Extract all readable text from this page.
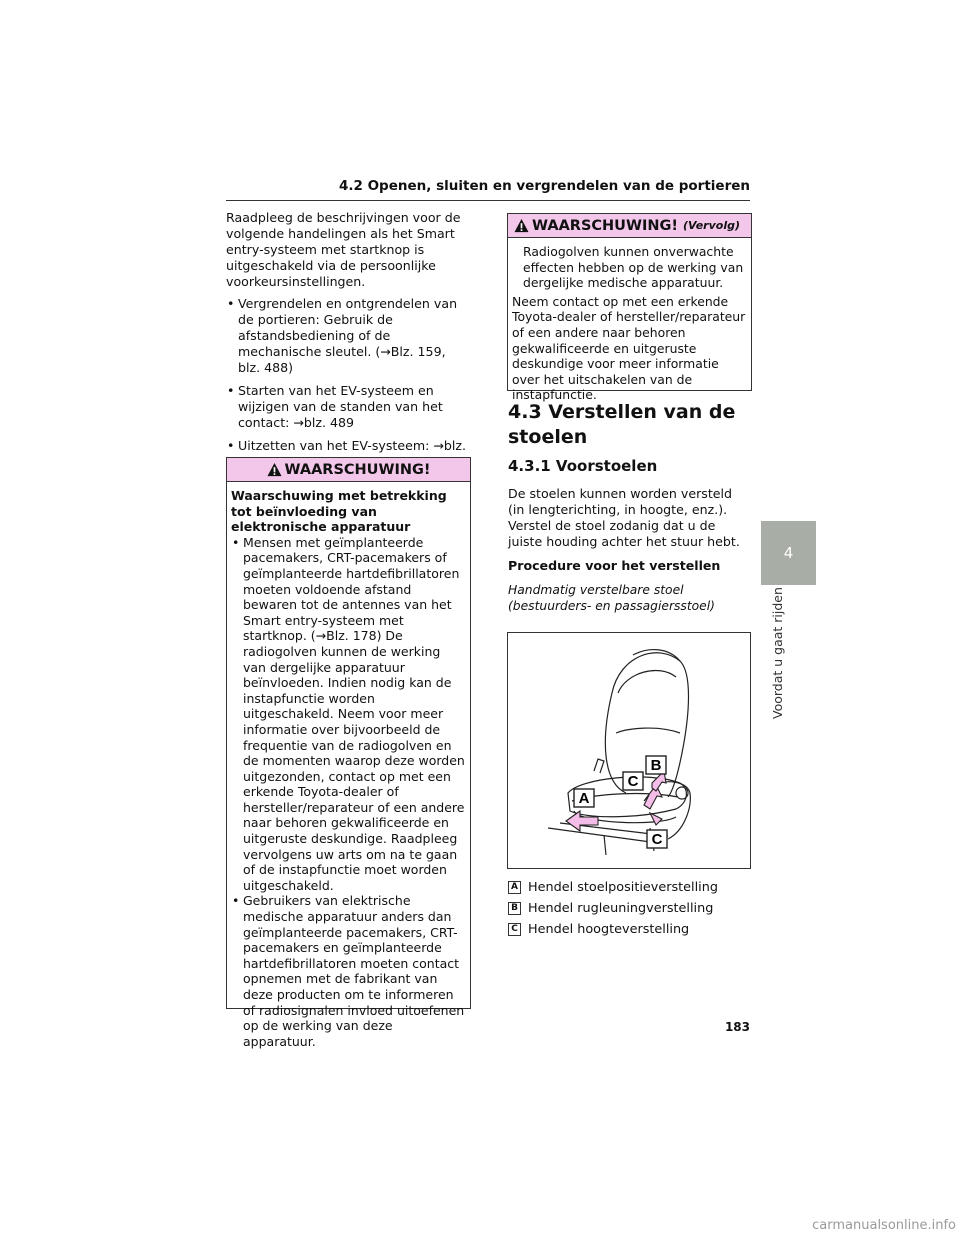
4.2 Openen, sluiten en vergrendelen van de portieren

Raadpleeg de beschrijvingen voor de volgende handelingen als het Smart entry-systeem met startknop is uitgeschakeld via de persoonlijke voorkeursinstellingen.

• Vergrendelen en ontgrendelen van de portieren: Gebruik de afstandsbediening of de mechanische sleutel. (→Blz. 159, blz. 488)
• Starten van het EV-systeem en wijzigen van de standen van het contact: →blz. 489
• Uitzetten van het EV-systeem: →blz.
WAARSCHUWING!
Waarschuwing met betrekking tot beïnvloeding van elektronische apparatuur
• Mensen met geïmplanteerde pacemakers, CRT-pacemakers of geïmplanteerde hartdefibrillatoren moeten voldoende afstand bewaren tot de antennes van het Smart entry-systeem met startknop. (→Blz. 178) De radiogolven kunnen de werking van dergelijke apparatuur beïnvloeden. Indien nodig kan de instapfunctie worden uitgeschakeld. Neem voor meer informatie over bijvoorbeeld de frequentie van de radiogolven en de momenten waarop deze worden uitgezonden, contact op met een erkende Toyota-dealer of hersteller/reparateur of een andere naar behoren gekwalificeerde en uitgeruste deskundige. Raadpleeg vervolgens uw arts om na te gaan of de instapfunctie moet worden uitgeschakeld.
• Gebruikers van elektrische medische apparatuur anders dan geïmplanteerde pacemakers, CRT-pacemakers en geïmplanteerde hartdefibrillatoren moeten contact opnemen met de fabrikant van deze producten om te informeren of radiosignalen invloed uitoefenen op de werking van deze apparatuur.
WAARSCHUWING! (Vervolg)
Radiogolven kunnen onverwachte effecten hebben op de werking van dergelijke medische apparatuur.
Neem contact op met een erkende Toyota-dealer of hersteller/reparateur of een andere naar behoren gekwalificeerde en uitgeruste deskundige voor meer informatie over het uitschakelen van de instapfunctie.
4.3 Verstellen van de stoelen
4.3.1 Voorstoelen
De stoelen kunnen worden versteld (in lengterichting, in hoogte, enz.). Verstel de stoel zodanig dat u de juiste houding achter het stuur hebt.
Procedure voor het verstellen
Handmatig verstelbare stoel (bestuurders- en passagiersstoel)
A
B
C
C
A Hendel stoelpositieverstelling
B Hendel rugleuningverstelling
C Hendel hoogteverstelling
4
Voordat u gaat rijden
183
carmanualsonline.info
